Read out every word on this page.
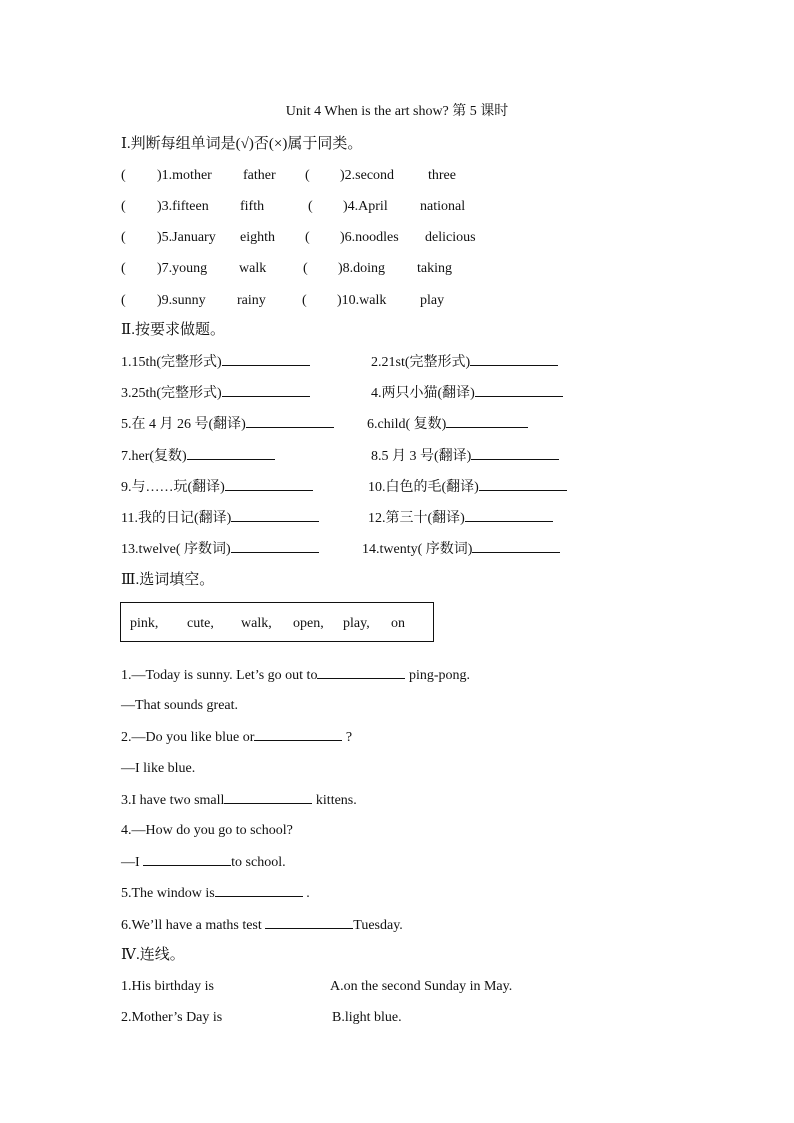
Unit 4 When is the art show? 第 5 课时
Ⅰ.判断每组单词是(√)否(×)属于同类。
( )1.mother father ( )2.second three
( )3.fifteen fifth	( )4.April national
( )5.January eighth ( )6.noodles delicious
( )7.young walk	( )8.doing taking
( )9.sunny rainy	( )10.walk play
Ⅱ.按要求做题。
1.15th(完整形式)	2.21st(完整形式)
3.25th(完整形式)	4.两只小猫(翻译)
5.在 4 月 26 号(翻译)	6.child( 复数)
7.her(复数)	8.5 月 3 号(翻译)
9.与……玩(翻译)	10.白色的毛(翻译)
11.我的日记(翻译)	12.第三十(翻译)
13.twelve( 序数词)	14.twenty( 序数词)
Ⅲ.选词填空。
pink, cute, walk, open, play, on
1.—Today is sunny. Let’s go out to	ping-pong.
—That sounds great.
2.—Do you like blue or	?
—I like blue.
3.I have two small	kittens.
4.—How do you go to school?
—I	to school.
5.The window is	.
6.We’ll have a maths test	Tuesday.
Ⅳ.连线。
1.His birthday is	A.on the second Sunday in May.
2.Mother’s Day is	B.light blue.
